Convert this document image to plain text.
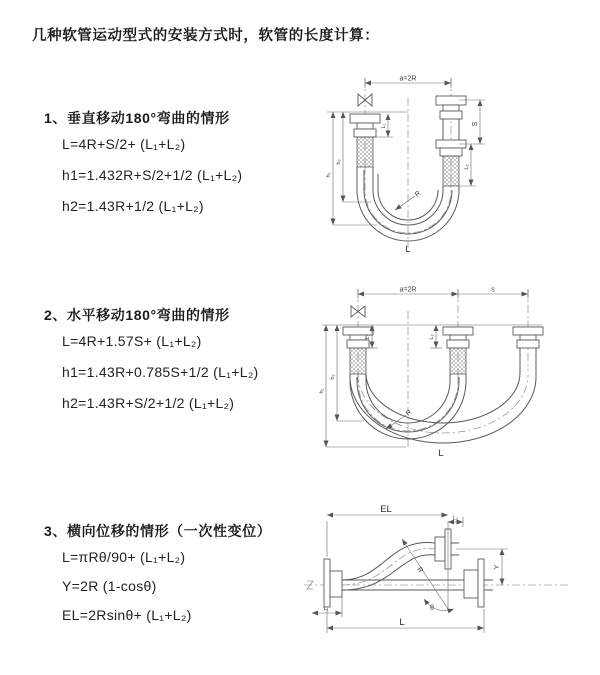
几种软管运动型式的安装方式时，软管的长度计算：
1、垂直移动180°弯曲的情形
L=4R+S/2+ (L₁+L₂)
h1=1.432R+S/2+1/2 (L₁+L₂)
h2=1.43R+1/2 (L₁+L₂)
a=2R
L₁
h₁
h₂
S
L₂
R
L
2、水平移动180°弯曲的情形
L=4R+1.57S+ (L₁+L₂)
h1=1.43R+0.785S+1/2 (L₁+L₂)
h2=1.43R+S/2+1/2 (L₁+L₂)
a=2R	s
L₁	L₂
h₁
h₂
R
L
3、横向位移的情形（一次性变位）
L=πRθ/90+ (L₁+L₂)
Y=2R (1-cosθ)
EL=2Rsinθ+ (L₁+L₂)
R
θ
EL
L₂
Y
L₁
L
